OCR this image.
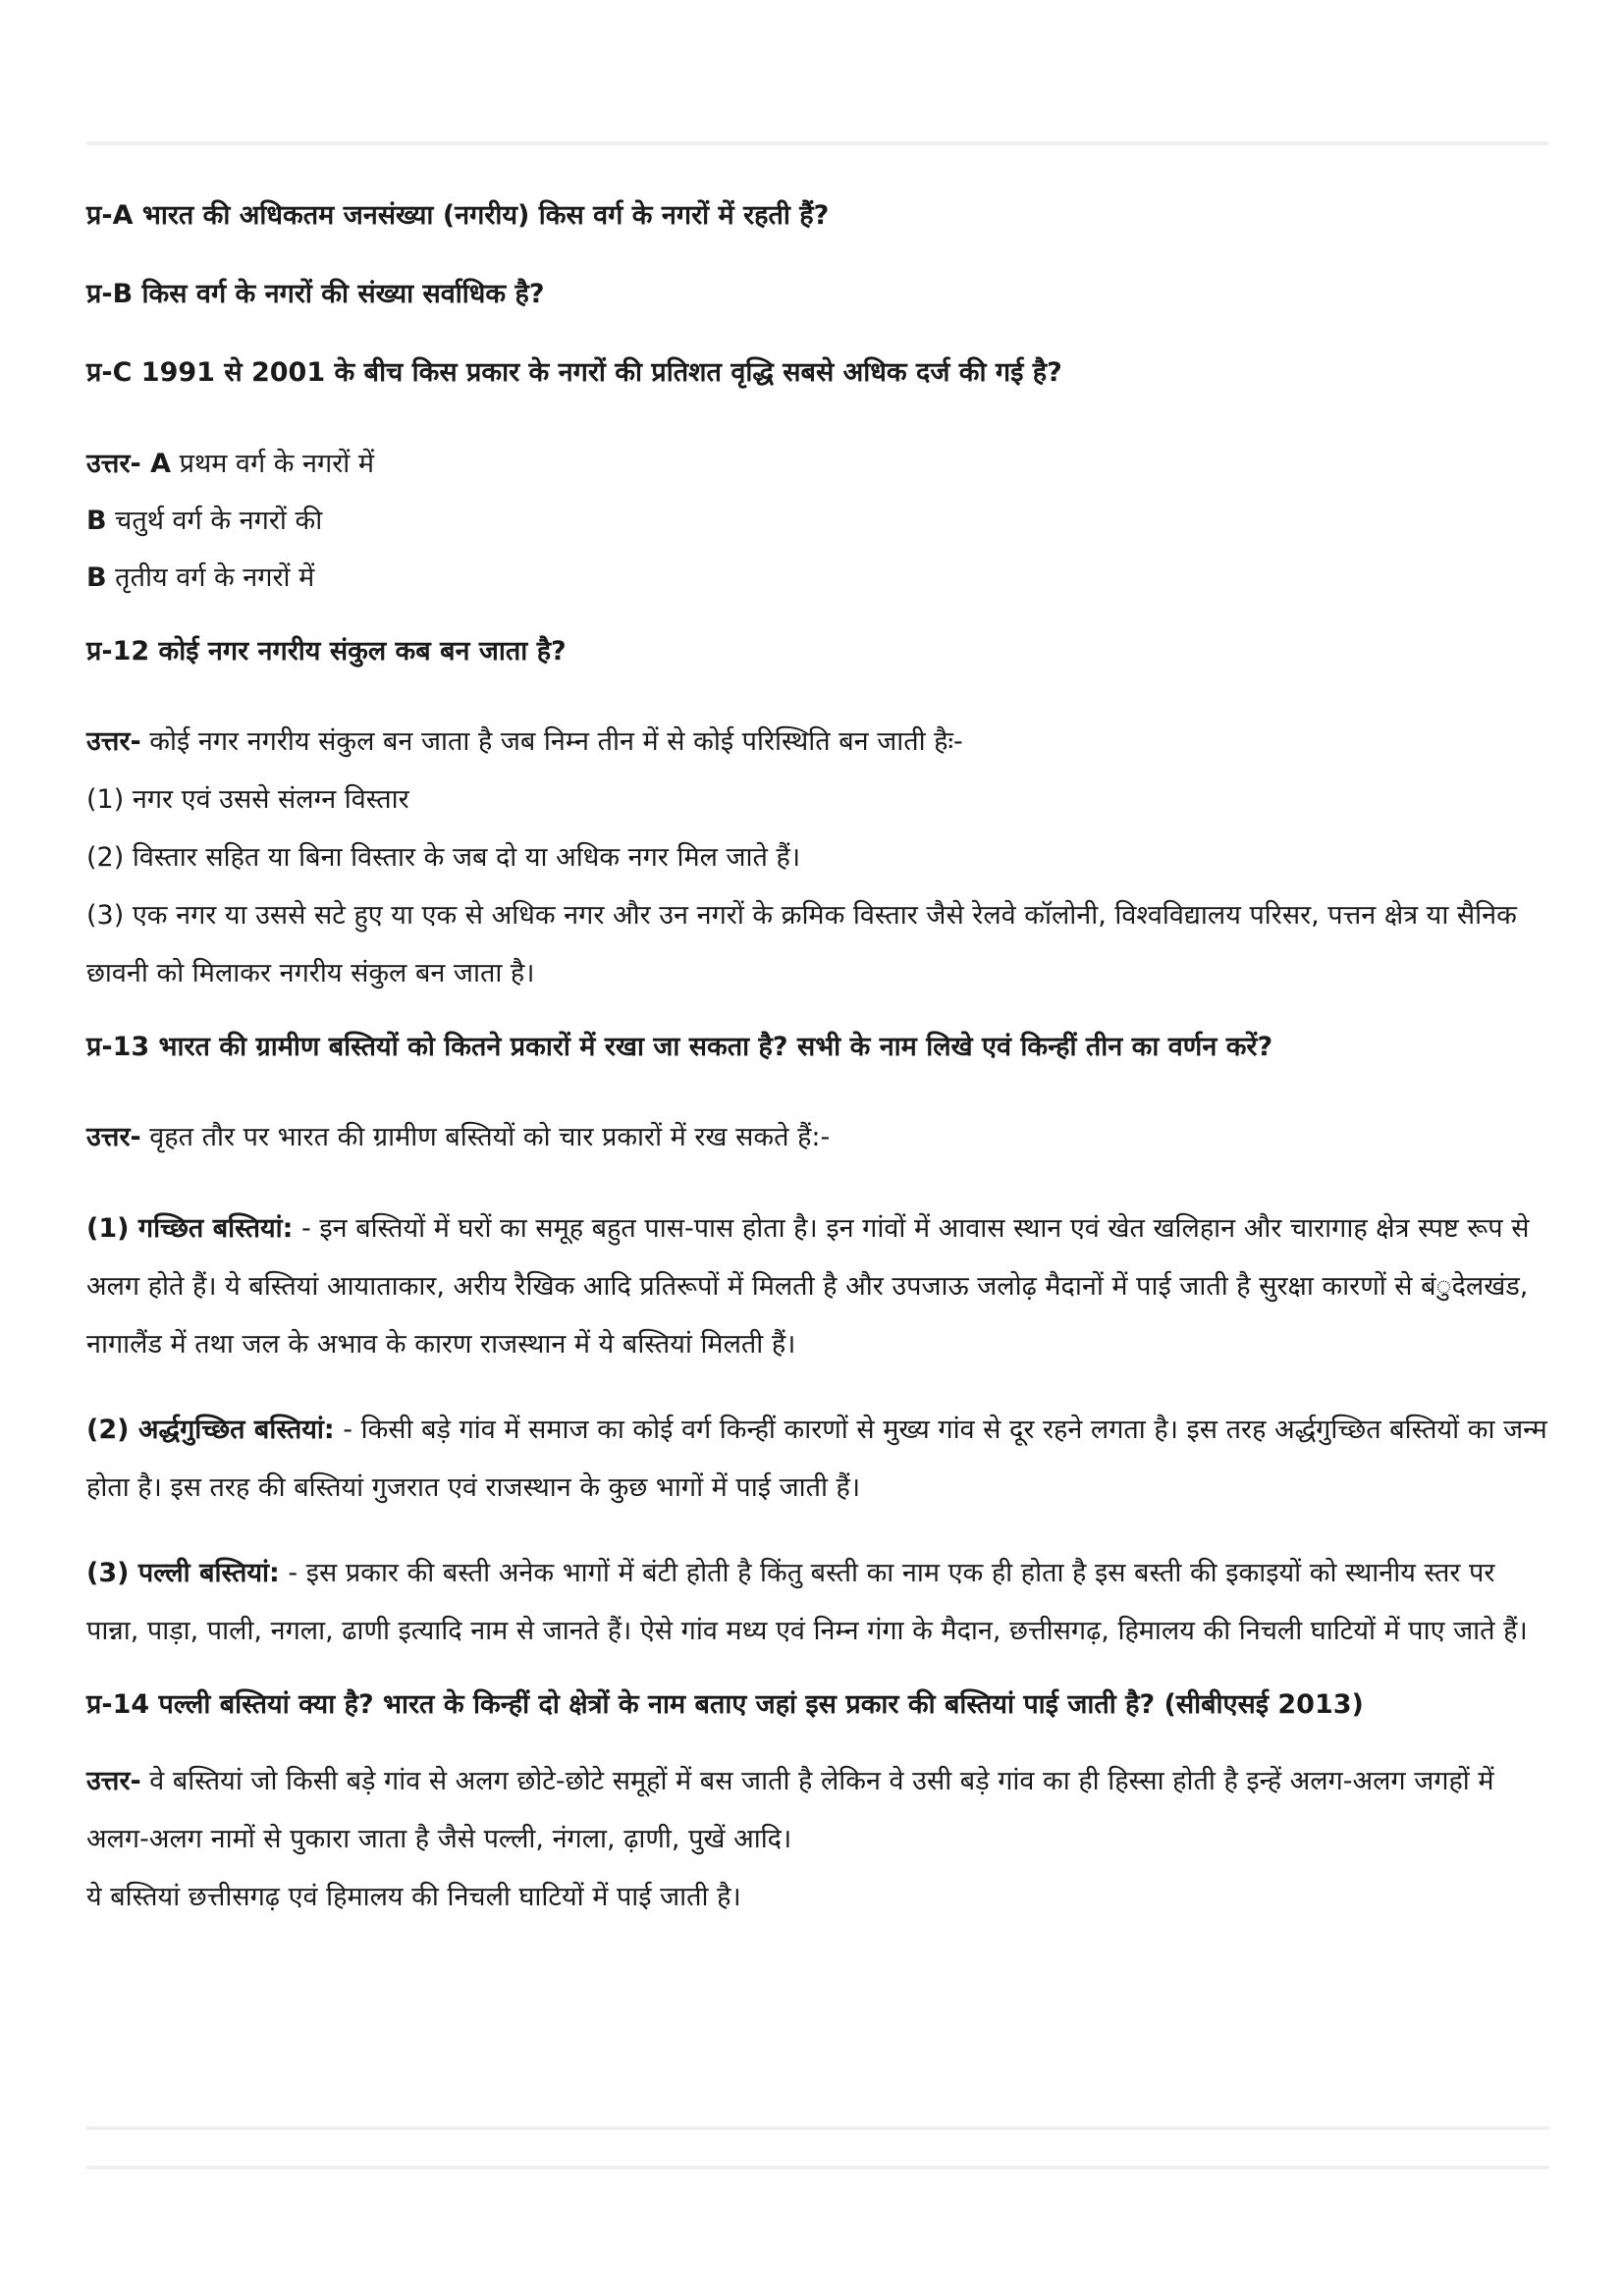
प्र-A भारत की अधिकतम जनसंख्या (नगरीय) किस वर्ग के नगरों में रहती हैं?

प्र-B किस वर्ग के नगरों की संख्या सर्वाधिक है?

प्र-C 1991 से 2001 के बीच किस प्रकार के नगरों की प्रतिशत वृद्धि सबसे अधिक दर्ज की गई है?

उत्तर- A प्रथम वर्ग के नगरों में
B चतुर्थ वर्ग के नगरों की
B तृतीय वर्ग के नगरों में

प्र-12 कोई नगर नगरीय संकुल कब बन जाता है?

उत्तर- कोई नगर नगरीय संकुल बन जाता है जब निम्न तीन में से कोई परिस्थिति बन जाती हैः-
(1) नगर एवं उससे संलग्न विस्तार
(2) विस्तार सहित या बिना विस्तार के जब दो या अधिक नगर मिल जाते हैं।
(3) एक नगर या उससे सटे हुए या एक से अधिक नगर और उन नगरों के क्रमिक विस्तार जैसे रेलवे कॉलोनी, विश्वविद्यालय परिसर, पत्तन क्षेत्र या सैनिक छावनी को मिलाकर नगरीय संकुल बन जाता है।

प्र-13 भारत की ग्रामीण बस्तियों को कितने प्रकारों में रखा जा सकता है? सभी के नाम लिखे एवं किन्हीं तीन का वर्णन करें?

उत्तर- वृहत तौर पर भारत की ग्रामीण बस्तियों को चार प्रकारों में रख सकते हैं:-

(1) गच्छित बस्तियां: - इन बस्तियों में घरों का समूह बहुत पास-पास होता है। इन गांवों में आवास स्थान एवं खेत खलिहान और चारागाह क्षेत्र स्पष्ट रूप से अलग होते हैं। ये बस्तियां आयाताकार, अरीय रैखिक आदि प्रतिरूपों में मिलती है और उपजाऊ जलोढ़ मैदानों में पाई जाती है सुरक्षा कारणों से बंुदेलखंड, नागालैंड में तथा जल के अभाव के कारण राजस्थान में ये बस्तियां मिलती हैं।

(2) अर्द्धगुच्छित बस्तियां: - किसी बड़े गांव में समाज का कोई वर्ग किन्हीं कारणों से मुख्य गांव से दूर रहने लगता है। इस तरह अर्द्धगुच्छित बस्तियों का जन्म होता है। इस तरह की बस्तियां गुजरात एवं राजस्थान के कुछ भागों में पाई जाती हैं।

(3) पल्ली बस्तियां: - इस प्रकार की बस्ती अनेक भागों में बंटी होती है किंतु बस्ती का नाम एक ही होता है इस बस्ती की इकाइयों को स्थानीय स्तर पर पान्ना, पाड़ा, पाली, नगला, ढाणी इत्यादि नाम से जानते हैं। ऐसे गांव मध्य एवं निम्न गंगा के मैदान, छत्तीसगढ़, हिमालय की निचली घाटियों में पाए जाते हैं।

प्र-14 पल्ली बस्तियां क्या है? भारत के किन्हीं दो क्षेत्रों के नाम बताए जहां इस प्रकार की बस्तियां पाई जाती है? (सीबीएसई 2013)

उत्तर- वे बस्तियां जो किसी बड़े गांव से अलग छोटे-छोटे समूहों में बस जाती है लेकिन वे उसी बड़े गांव का ही हिस्सा होती है इन्हें अलग-अलग जगहों में अलग-अलग नामों से पुकारा जाता है जैसे पल्ली, नंगला, ढ़ाणी, पुखें आदि।
ये बस्तियां छत्तीसगढ़ एवं हिमालय की निचली घाटियों में पाई जाती है।
